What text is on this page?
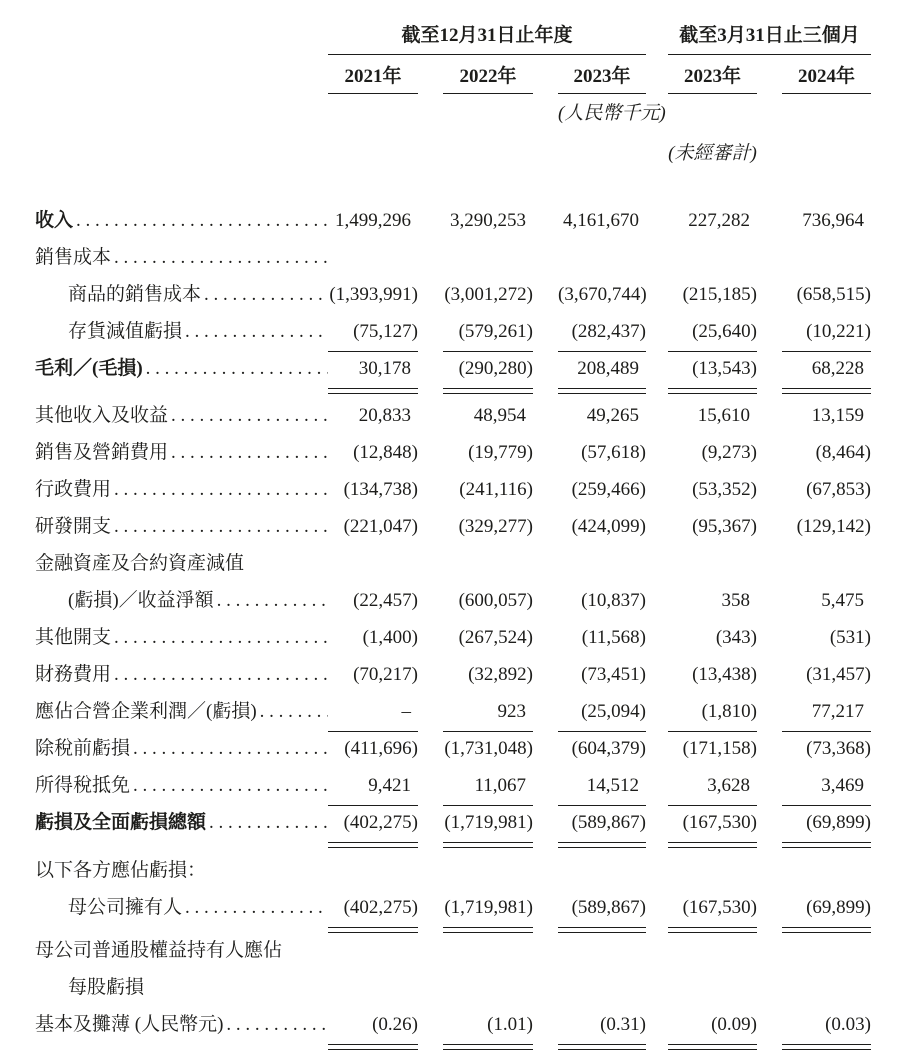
	截至12月31日止年度						截至3月31日止三個月		
	2021年		2022年		2023年		2023年		2024年
					(人民幣千元)				
							(未經審計)		

收入
. . .	1,499,296		3,290,253		4,161,670		227,282		736,964

銷售成本
. . .

商品的銷售成本
. . .	(1,393,991)		(3,001,272)		(3,670,744)		(215,185)		(658,515)

存貨減值虧損
. . .	(75,127)		(579,261)		(282,437)		(25,640)		(10,221)

毛利／(毛損)
. . .	30,178		(290,280)		208,489		(13,543)		68,228

其他收入及收益
. . .	20,833		48,954		49,265		15,610		13,159

銷售及營銷費用
. . .	(12,848)		(19,779)		(57,618)		(9,273)		(8,464)

行政費用
. . .	(134,738)		(241,116)		(259,466)		(53,352)		(67,853)

研發開支
. . .	(221,047)		(329,277)		(424,099)		(95,367)		(129,142)

金融資產及合約資產減值									

(虧損)／收益淨額
. . .	(22,457)		(600,057)		(10,837)		358		5,475

其他開支
. . .	(1,400)		(267,524)		(11,568)		(343)		(531)

財務費用
. . .	(70,217)		(32,892)		(73,451)		(13,438)		(31,457)

應佔合營企業利潤／(虧損)
. . .	–		923		(25,094)		(1,810)		77,217

除稅前虧損
. . .	(411,696)		(1,731,048)		(604,379)		(171,158)		(73,368)

所得稅抵免
. . .	9,421		11,067		14,512		3,628		3,469

虧損及全面虧損總額
. . .	(402,275)		(1,719,981)		(589,867)		(167,530)		(69,899)

以下各方應佔虧損：									

母公司擁有人
. . .	(402,275)		(1,719,981)		(589,867)		(167,530)		(69,899)

母公司普通股權益持有人應佔									

每股虧損									

基本及攤薄 (人民幣元)
. . .	(0.26)		(1.01)		(0.31)		(0.09)		(0.03)
